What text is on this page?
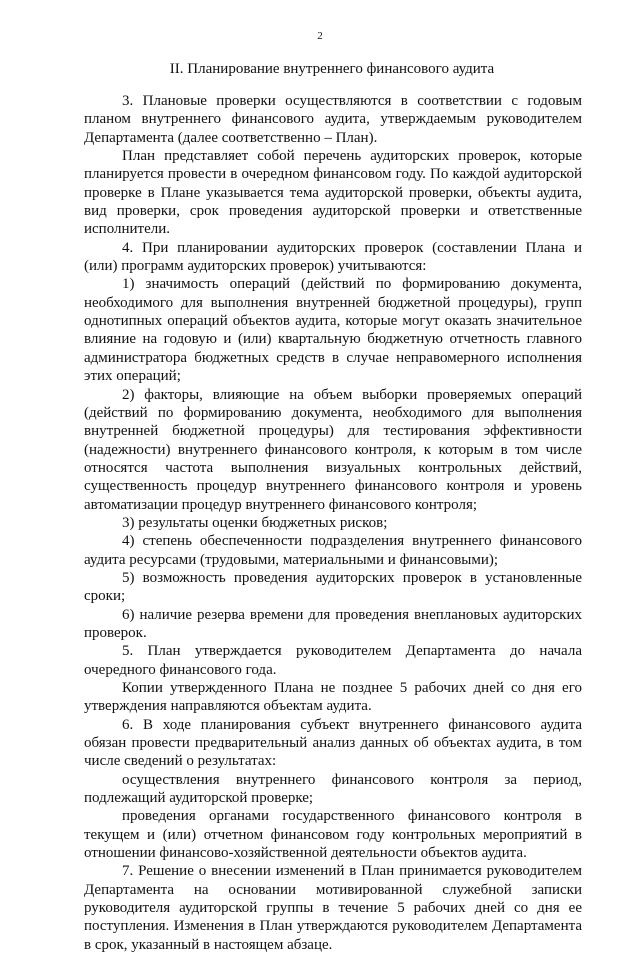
2
II. Планирование внутреннего финансового аудита

3. Плановые проверки осуществляются в соответствии с годовым планом внутреннего финансового аудита, утверждаемым руководителем Департамента (далее соответственно – План).

План представляет собой перечень аудиторских проверок, которые планируется провести в очередном финансовом году. По каждой аудиторской проверке в Плане указывается тема аудиторской проверки, объекты аудита, вид проверки, срок проведения аудиторской проверки и ответственные исполнители.

4. При планировании аудиторских проверок (составлении Плана и (или) программ аудиторских проверок) учитываются:

1) значимость операций (действий по формированию документа, необходимого для выполнения внутренней бюджетной процедуры), групп однотипных операций объектов аудита, которые могут оказать значительное влияние на годовую и (или) квартальную бюджетную отчетность главного администратора бюджетных средств в случае неправомерного исполнения этих операций;

2) факторы, влияющие на объем выборки проверяемых операций (действий по формированию документа, необходимого для выполнения внутренней бюджетной процедуры) для тестирования эффективности (надежности) внутреннего финансового контроля, к которым в том числе относятся частота выполнения визуальных контрольных действий, существенность процедур внутреннего финансового контроля и уровень автоматизации процедур внутреннего финансового контроля;

3) результаты оценки бюджетных рисков;

4) степень обеспеченности подразделения внутреннего финансового аудита ресурсами (трудовыми, материальными и финансовыми);

5) возможность проведения аудиторских проверок в установленные сроки;

6) наличие резерва времени для проведения внеплановых аудиторских проверок.

5. План утверждается руководителем Департамента до начала очередного финансового года.

Копии утвержденного Плана не позднее 5 рабочих дней со дня его утверждения направляются объектам аудита.

6. В ходе планирования субъект внутреннего финансового аудита обязан провести предварительный анализ данных об объектах аудита, в том числе сведений о результатах:

осуществления внутреннего финансового контроля за период, подлежащий аудиторской проверке;

проведения органами государственного финансового контроля в текущем и (или) отчетном финансовом году контрольных мероприятий в отношении финансово-хозяйственной деятельности объектов аудита.

7. Решение о внесении изменений в План принимается руководителем Департамента на основании мотивированной служебной записки руководителя аудиторской группы в течение 5 рабочих дней со дня ее поступления. Изменения в План утверждаются руководителем Департамента в срок, указанный в настоящем абзаце.
